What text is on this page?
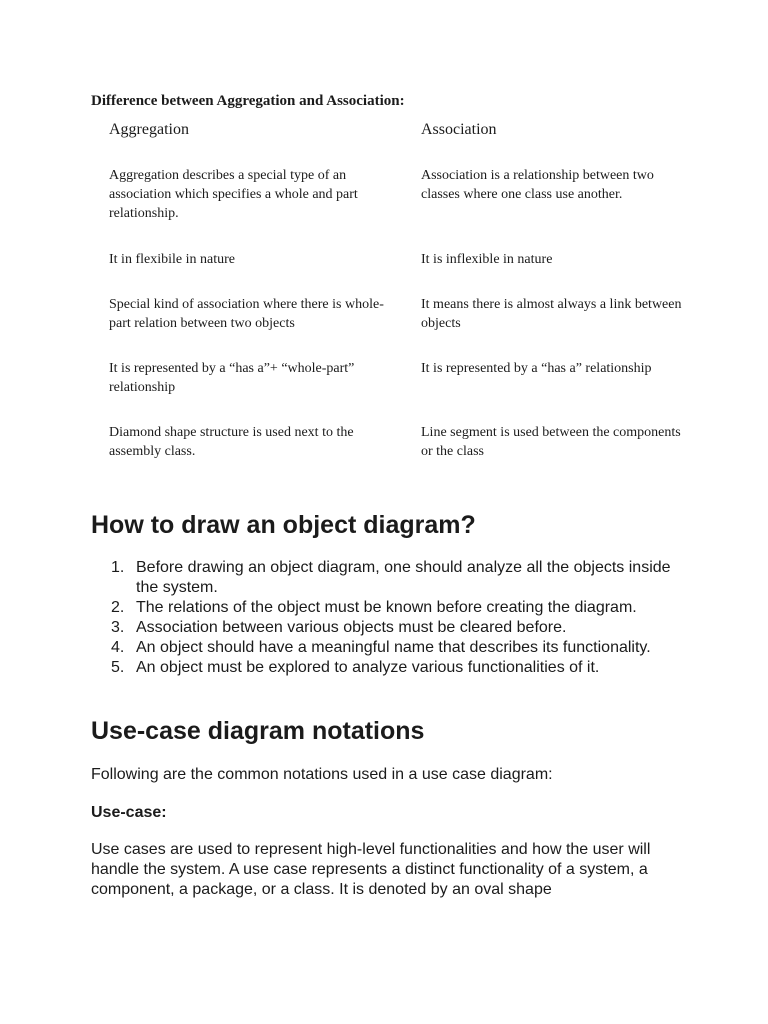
Difference between Aggregation and Association:

Aggregation	Association
Aggregation describes a special type of an association which specifies a whole and part relationship.
Association is a relationship between two classes where one class use another.
It in flexibile in nature	It is inflexible in nature
Special kind of association where there is whole-part relation between two objects
It means there is almost always a link between objects
It is represented by a “has a”+ “whole-part” relationship
It is represented by a “has a” relationship
Diamond shape structure is used next to the assembly class.
Line segment is used between the components or the class
How to draw an object diagram?
1. Before drawing an object diagram, one should analyze all the objects inside the system.
2. The relations of the object must be known before creating the diagram.
3. Association between various objects must be cleared before.
4. An object should have a meaningful name that describes its functionality.
5. An object must be explored to analyze various functionalities of it.
Use-case diagram notations

Following are the common notations used in a use case diagram:

Use-case:

Use cases are used to represent high-level functionalities and how the user will handle the system. A use case represents a distinct functionality of a system, a component, a package, or a class. It is denoted by an oval shape
